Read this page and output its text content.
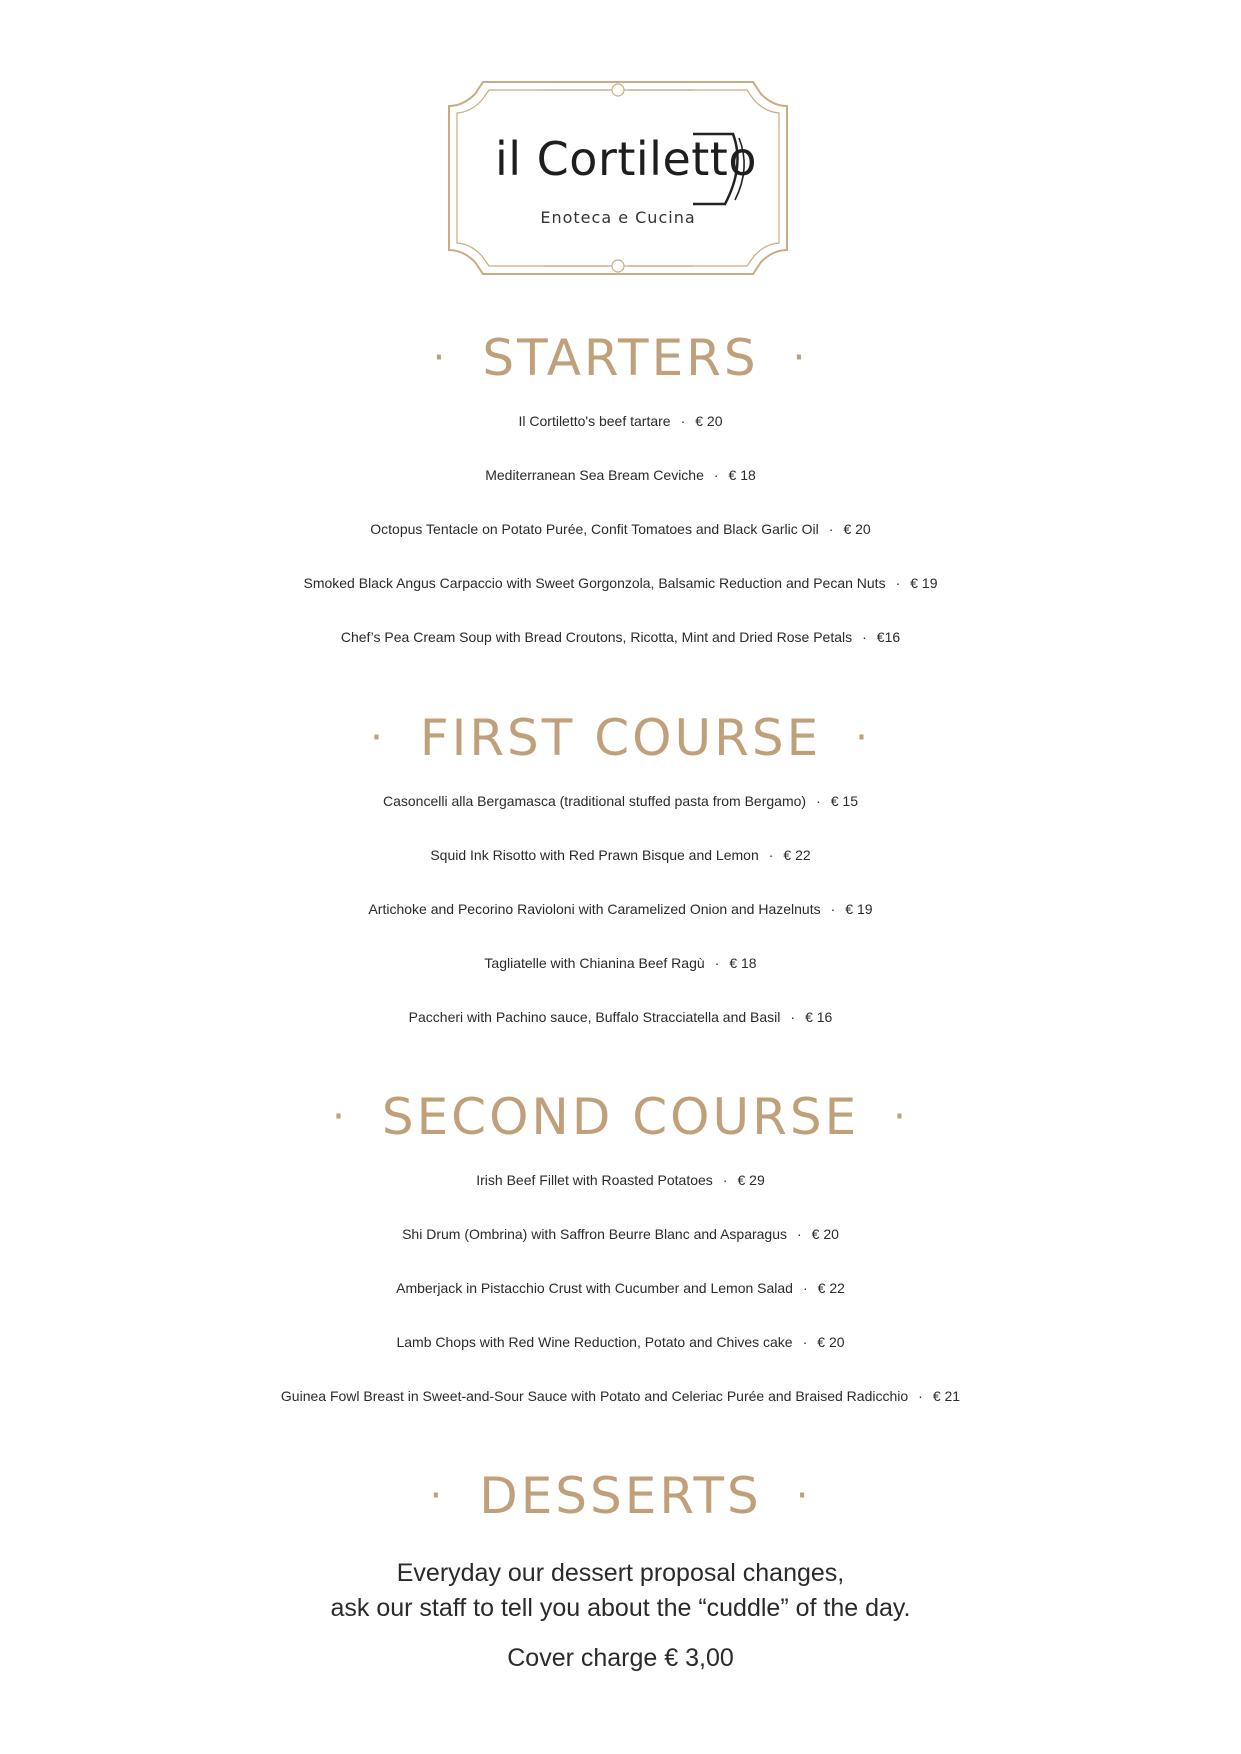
il Cortiletto
Enoteca e Cucina
· STARTERS ·
Il Cortiletto's beef tartare · € 20
Mediterranean Sea Bream Ceviche · € 18
Octopus Tentacle on Potato Purée, Confit Tomatoes and Black Garlic Oil · € 20
Smoked Black Angus Carpaccio with Sweet Gorgonzola, Balsamic Reduction and Pecan Nuts · € 19
Chef’s Pea Cream Soup with Bread Croutons, Ricotta, Mint and Dried Rose Petals · €16
· FIRST COURSE ·
Casoncelli alla Bergamasca (traditional stuffed pasta from Bergamo) · € 15
Squid Ink Risotto with Red Prawn Bisque and Lemon · € 22
Artichoke and Pecorino Ravioloni with Caramelized Onion and Hazelnuts · € 19
Tagliatelle with Chianina Beef Ragù · € 18
Paccheri with Pachino sauce, Buffalo Stracciatella and Basil · € 16
· SECOND COURSE ·
Irish Beef Fillet with Roasted Potatoes · € 29
Shi Drum (Ombrina) with Saffron Beurre Blanc and Asparagus · € 20
Amberjack in Pistacchio Crust with Cucumber and Lemon Salad · € 22
Lamb Chops with Red Wine Reduction, Potato and Chives cake · € 20
Guinea Fowl Breast in Sweet-and-Sour Sauce with Potato and Celeriac Purée and Braised Radicchio · € 21
· DESSERTS ·
Everyday our dessert proposal changes,
ask our staff to tell you about the “cuddle” of the day.
Cover charge € 3,00
